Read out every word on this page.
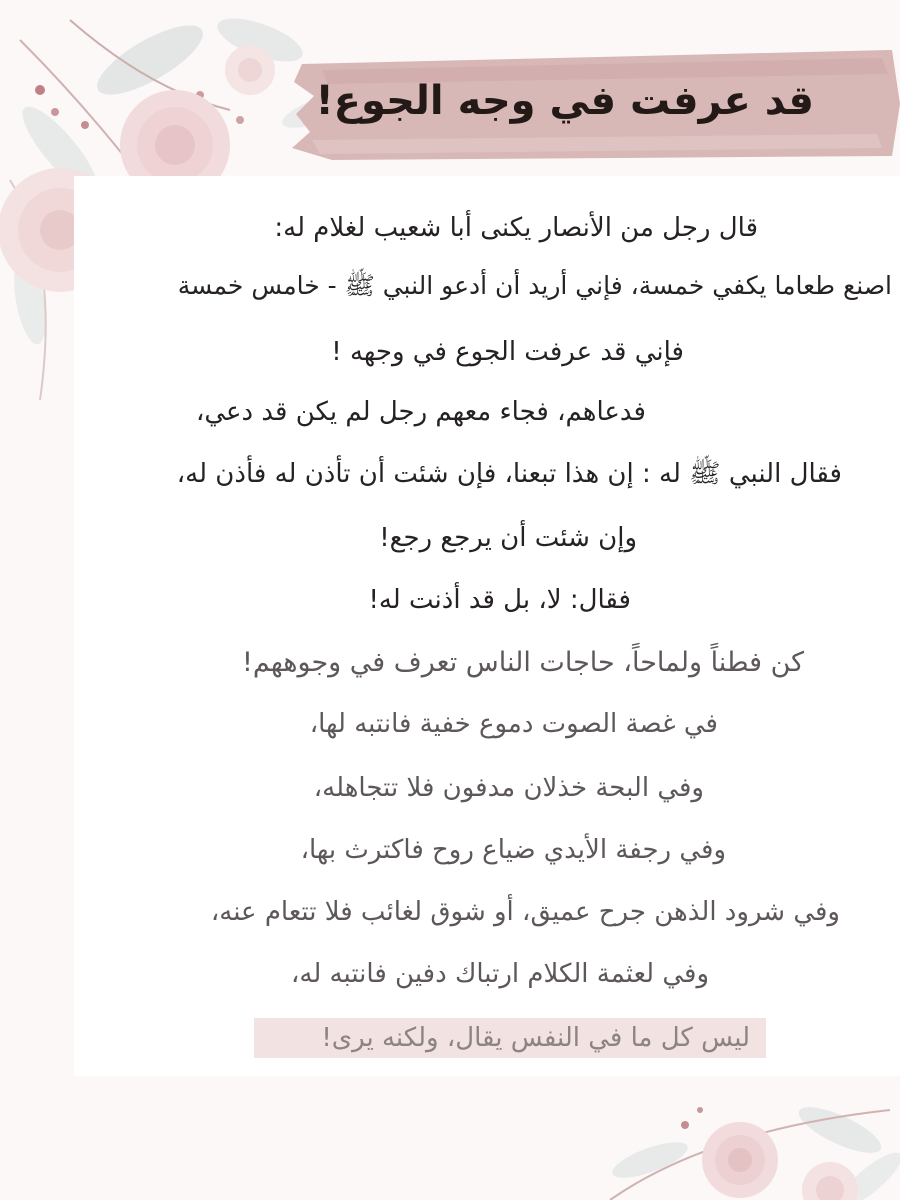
قد عرفت في وجه الجوع!
قال رجل من الأنصار يكنى أبا شعيب لغلام له:
اصنع طعاما يكفي خمسة، فإني أريد أن أدعو النبي ﷺ - خامس خمسة
فإني قد عرفت الجوع في وجهه !
فدعاهم، فجاء معهم رجل لم يكن قد دعي،
فقال النبي ﷺ له : إن هذا تبعنا، فإن شئت أن تأذن له فأذن له،
وإن شئت أن يرجع رجع!
فقال: لا، بل قد أذنت له!
كن فطناً ولماحاً، حاجات الناس تعرف في وجوههم!
في غصة الصوت دموع خفية فانتبه لها،
وفي البحة خذلان مدفون فلا تتجاهله،
وفي رجفة الأيدي ضياع روح فاكترث بها،
وفي شرود الذهن جرح عميق، أو شوق لغائب فلا تتعام عنه،
وفي لعثمة الكلام ارتباك دفين فانتبه له،
ليس كل ما في النفس يقال، ولكنه يرى!
